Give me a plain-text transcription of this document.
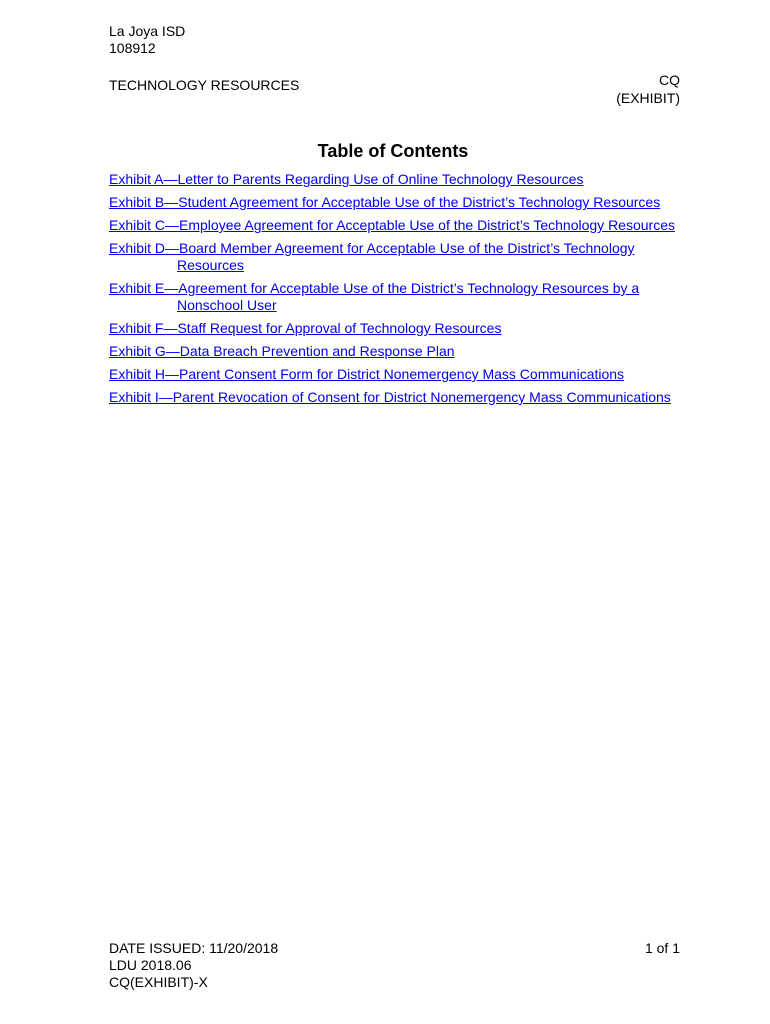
La Joya ISD
108912
TECHNOLOGY RESOURCES	CQ
(EXHIBIT)
Table of Contents
Exhibit A—Letter to Parents Regarding Use of Online Technology Resources
Exhibit B—Student Agreement for Acceptable Use of the District’s Technology Resources
Exhibit C—Employee Agreement for Acceptable Use of the District’s Technology Resources
Exhibit D—Board Member Agreement for Acceptable Use of the District’s Technology Resources
Exhibit E—Agreement for Acceptable Use of the District’s Technology Resources by a Nonschool User
Exhibit F—Staff Request for Approval of Technology Resources
Exhibit G—Data Breach Prevention and Response Plan
Exhibit H—Parent Consent Form for District Nonemergency Mass Communications
Exhibit I—Parent Revocation of Consent for District Nonemergency Mass Communications
DATE ISSUED: 11/20/2018
LDU 2018.06
CQ(EXHIBIT)-X
1 of 1
